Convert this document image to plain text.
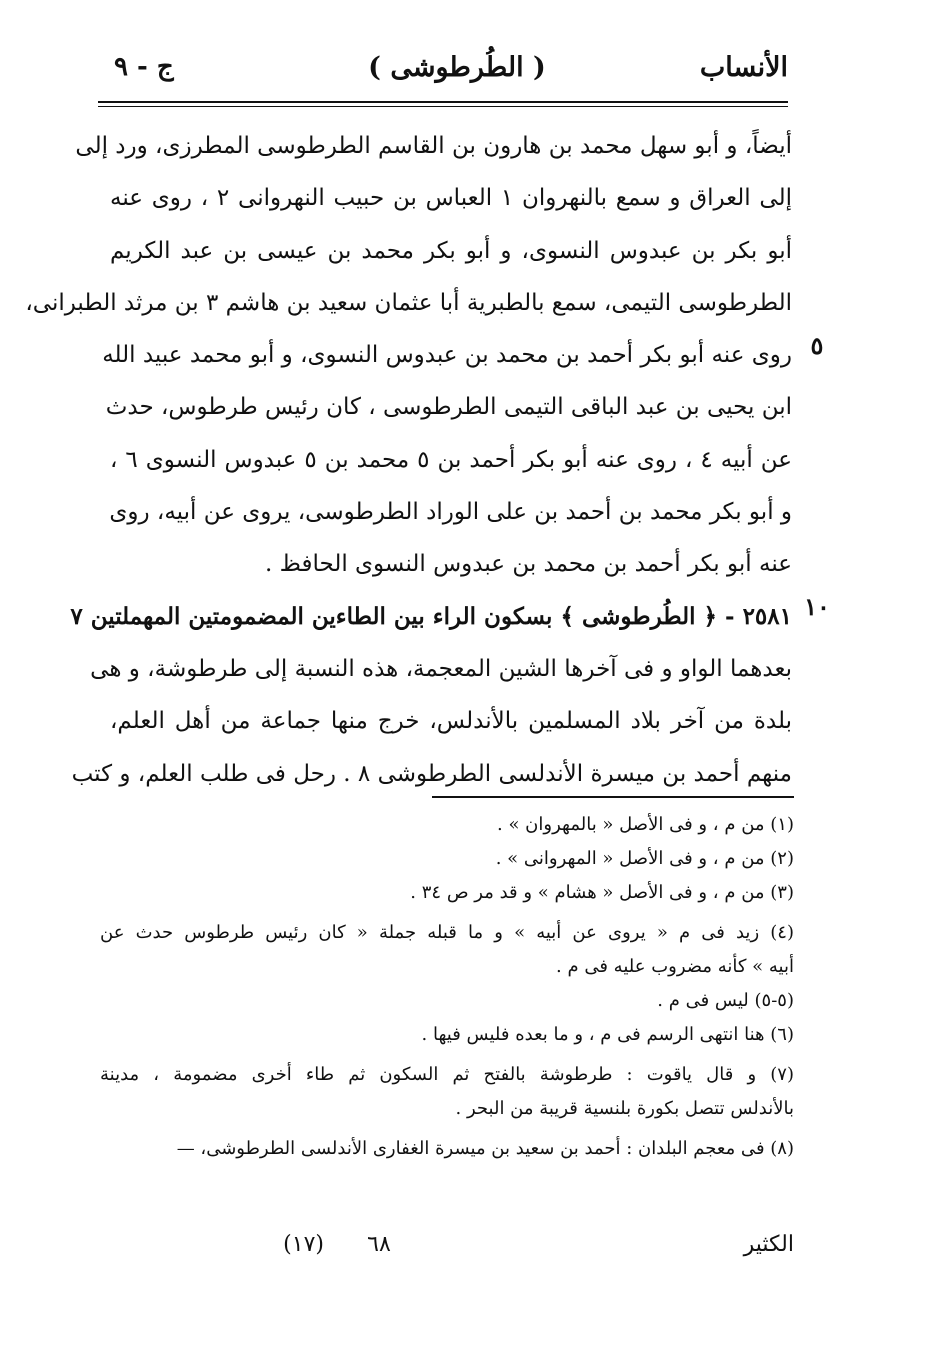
الأنساب
( الطُرطوشى )
ج - ٩
أيضاً، و أبو سهل محمد بن هارون بن القاسم الطرطوسى المطرزى، ورد إلى
إلى العراق و سمع بالنهروان ١ العباس بن حبيب النهروانى ٢ ، روى عنه
أبو بكر بن عبدوس النسوى، و أبو بكر محمد بن عيسى بن عبد الكريم
الطرطوسى التيمى، سمع بالطبرية أبا عثمان سعيد بن هاشم ٣ بن مرثد الطبرانى،
روى عنه أبو بكر أحمد بن محمد بن عبدوس النسوى، و أبو محمد عبيد الله
ابن يحيى بن عبد الباقى التيمى الطرطوسى ، كان رئيس طرطوس، حدث
عن أبيه ٤ ، روى عنه أبو بكر أحمد بن ٥ محمد بن ٥ عبدوس النسوى ٦ ،
و أبو بكر محمد بن أحمد بن على الوراد الطرطوسى، يروى عن أبيه، روى
عنه أبو بكر أحمد بن محمد بن عبدوس النسوى الحافظ .
٢٥٨١ - ﴿ الطُرطوشى ﴾ بسكون الراء بين الطاءين المضمومتين المهملتين ٧
بعدهما الواو و فى آخرها الشين المعجمة، هذه النسبة إلى طرطوشة، و هى
بلدة من آخر بلاد المسلمين بالأندلس، خرج منها جماعة من أهل العلم،
منهم أحمد بن ميسرة الأندلسى الطرطوشى ٨ . رحل فى طلب العلم، و كتب
٥
١٠
(١) من م ، و فى الأصل « بالمهروان » .
(٢) من م ، و فى الأصل « المهروانى » .
(٣) من م ، و فى الأصل « هشام » و قد مر ص ٣٤ .
(٤) زيد فى م « يروى عن أبيه » و ما قبله جملة « كان رئيس طرطوس حدث عن
أبيه » كأنه مضروب عليه فى م .
(٥-٥) ليس فى م .
(٦) هنا انتهى الرسم فى م ، و ما بعده فليس فيها .
(٧) و قال ياقوت : طرطوشة بالفتح ثم السكون ثم طاء أخرى مضمومة ، مدينة
بالأندلس تتصل بكورة بلنسية قريبة من البحر .
(٨) فى معجم البلدان : أحمد بن سعيد بن ميسرة الغفارى الأندلسى الطرطوشى، —
الكثير
٦٨
(١٧)
